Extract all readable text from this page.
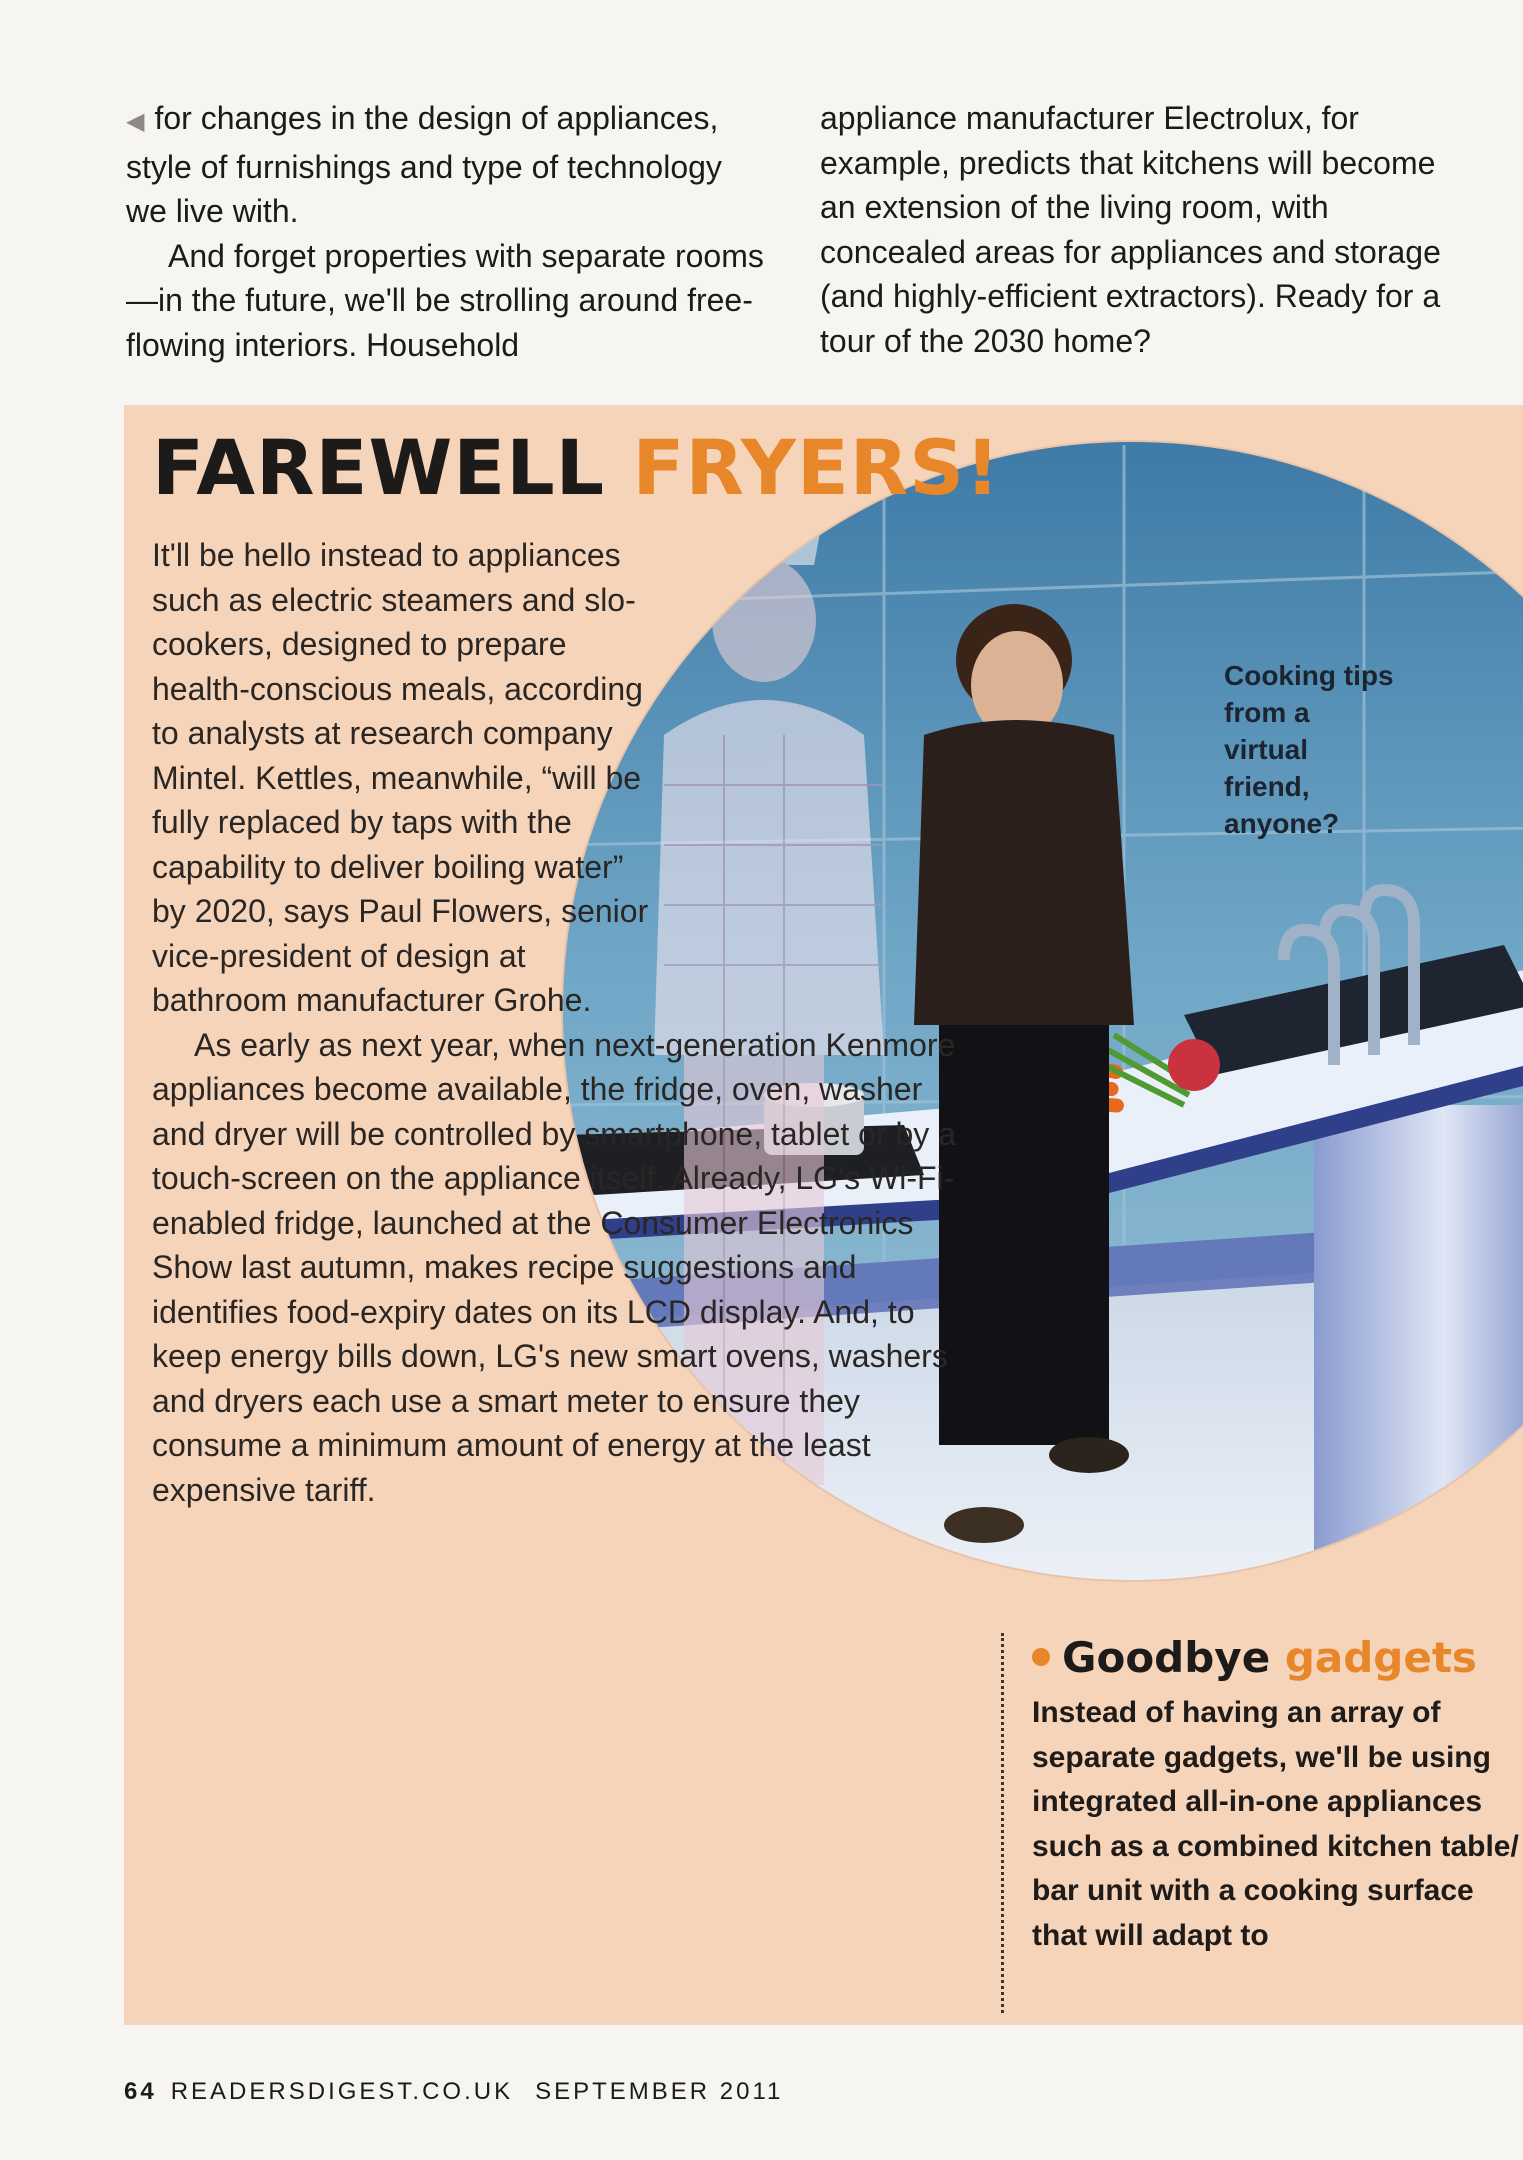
◀ for changes in the design of appliances, style of furnishings and type of technology we live with.

And forget properties with separate rooms—in the future, we'll be strolling around free-flowing interiors. Household

appliance manufacturer Electrolux, for example, predicts that kitchens will become an extension of the living room, with concealed areas for appliances and storage (and highly-efficient extractors). Ready for a tour of the 2030 home?

FAREWELL FRYERS!

It'll be hello instead to appliances such as electric steamers and slo-cookers, designed to prepare health-conscious meals, according to analysts at research company Mintel. Kettles, meanwhile, “will be fully replaced by taps with the capability to deliver boiling water” by 2020, says Paul Flowers, senior vice-president of design at bathroom manufacturer Grohe.

As early as next year, when next-generation Kenmore appliances become available, the fridge, oven, washer and dryer will be controlled by smartphone, tablet or by a touch-screen on the appliance itself. Already, LG's Wi-Fi-enabled fridge, launched at the Consumer Electronics Show last autumn, makes recipe suggestions and identifies food-expiry dates on its LCD display. And, to keep energy bills down, LG's new smart ovens, washers and dryers each use a smart meter to ensure they consume a minimum amount of energy at the least expensive tariff.

Cooking tips from a virtual friend, anyone?
Goodbye gadgets

Instead of having an array of separate gadgets, we'll be using integrated all-in-one appliances such as a combined kitchen table/ bar unit with a cooking surface that will adapt to

64 READERSDIGEST.CO.UK SEPTEMBER 2011
